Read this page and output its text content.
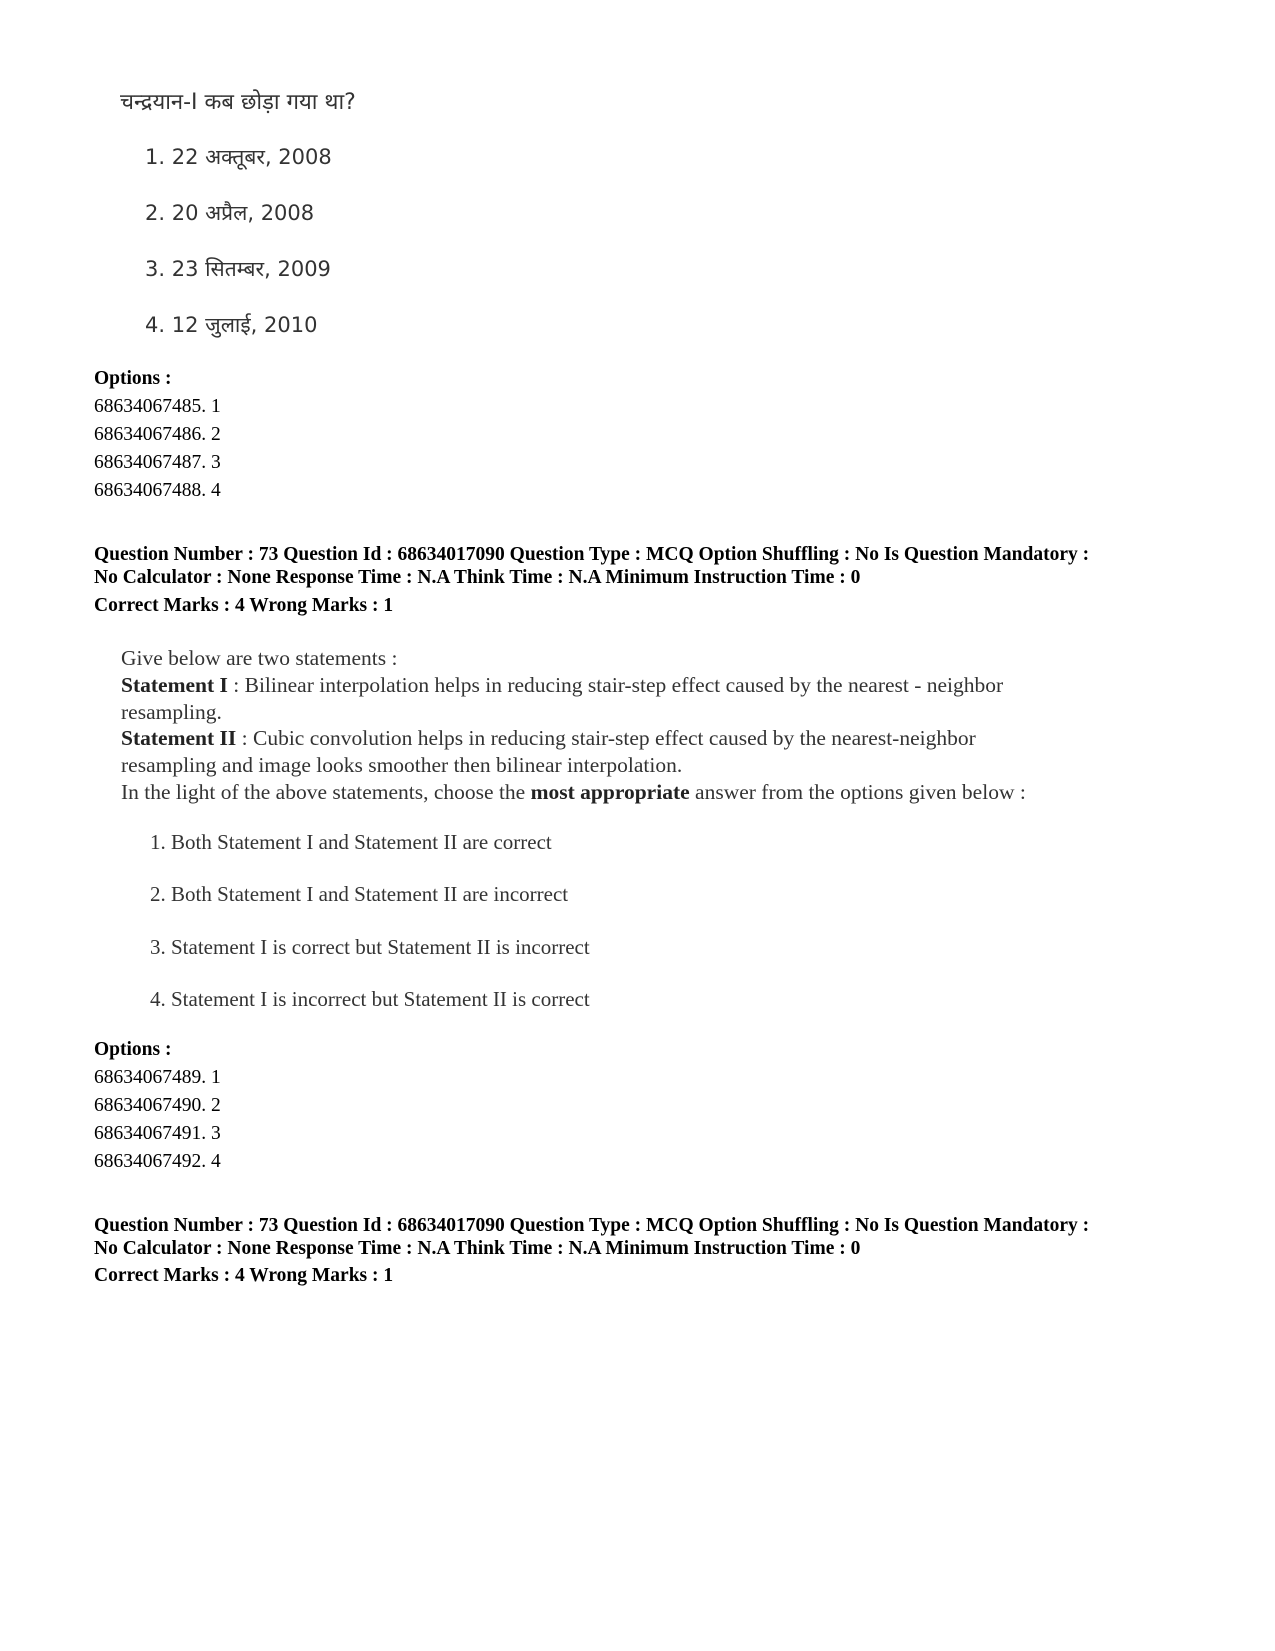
चन्द्रयान-I कब छोड़ा गया था?
1. 22 अक्तूबर, 2008
2. 20 अप्रैल, 2008
3. 23 सितम्बर, 2009
4. 12 जुलाई, 2010
Options :
68634067485. 1
68634067486. 2
68634067487. 3
68634067488. 4
Question Number : 73 Question Id : 68634017090 Question Type : MCQ Option Shuffling : No Is Question Mandatory :
No Calculator : None Response Time : N.A Think Time : N.A Minimum Instruction Time : 0
Correct Marks : 4 Wrong Marks : 1
Give below are two statements :
Statement I : Bilinear interpolation helps in reducing stair-step effect caused by the nearest - neighbor
resampling.
Statement II : Cubic convolution helps in reducing stair-step effect caused by the nearest-neighbor
resampling and image looks smoother then bilinear interpolation.
In the light of the above statements, choose the most appropriate answer from the options given below :
1. Both Statement I and Statement II are correct
2. Both Statement I and Statement II are incorrect
3. Statement I is correct but Statement II is incorrect
4. Statement I is incorrect but Statement II is correct
Options :
68634067489. 1
68634067490. 2
68634067491. 3
68634067492. 4
Question Number : 73 Question Id : 68634017090 Question Type : MCQ Option Shuffling : No Is Question Mandatory :
No Calculator : None Response Time : N.A Think Time : N.A Minimum Instruction Time : 0
Correct Marks : 4 Wrong Marks : 1
